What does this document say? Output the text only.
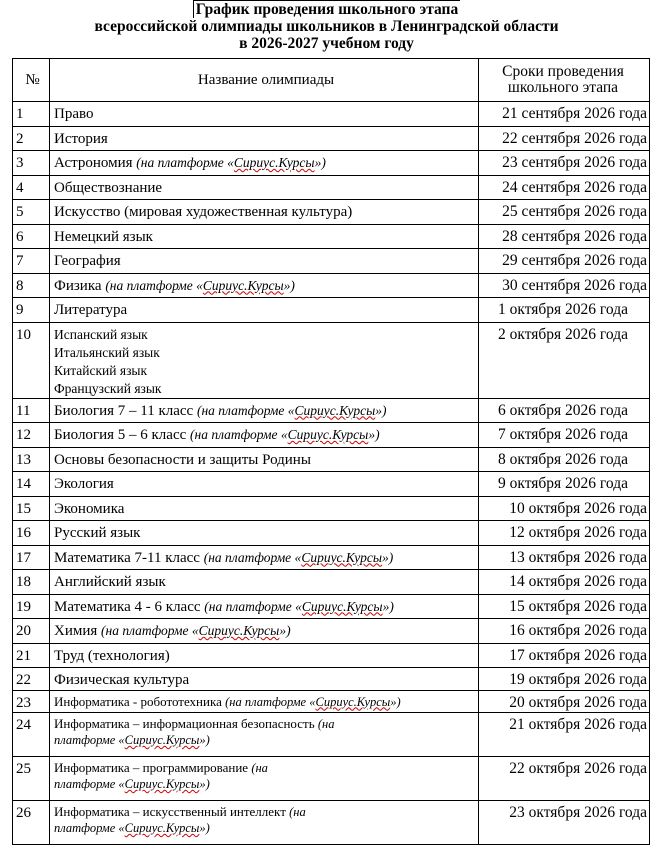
График проведения школьного этапа
всероссийской олимпиады школьников в Ленинградской области
в 2026-2027 учебном году
№	Название олимпиады	Сроки проведения
школьного этапа

1	Право	21 сентября 2026 года
2	История	22 сентября 2026 года
3	Астрономия (на платформе «Сириус.Курсы»)	23 сентября 2026 года
4	Обществознание	24 сентября 2026 года
5	Искусство (мировая художественная культура)	25 сентября 2026 года
6	Немецкий язык	28 сентября 2026 года
7	География	29 сентября 2026 года
8	Физика (на платформе «Сириус.Курсы»)	30 сентября 2026 года
9	Литература	1 октября 2026 года
10	Испанский язык
Итальянский язык
Китайский язык
Французский язык	2 октября 2026 года
11	Биология 7 – 11 класс (на платформе «Сириус.Курсы»)	6 октября 2026 года
12	Биология 5 – 6 класс (на платформе «Сириус.Курсы»)	7 октября 2026 года
13	Основы безопасности и защиты Родины	8 октября 2026 года
14	Экология	9 октября 2026 года
15	Экономика	10 октября 2026 года
16	Русский язык	12 октября 2026 года
17	Математика 7-11 класс (на платформе «Сириус.Курсы»)	13 октября 2026 года
18	Английский язык	14 октября 2026 года
19	Математика 4 - 6 класс (на платформе «Сириус.Курсы»)	15 октября 2026 года
20	Химия (на платформе «Сириус.Курсы»)	16 октября 2026 года
21	Труд (технология)	17 октября 2026 года
22	Физическая культура	19 октября 2026 года
23	Информатика - робототехника (на платформе «Сириус.Курсы»)	20 октября 2026 года
24	Информатика – информационная безопасность (на
платформе «Сириус.Курсы»)	21 октября 2026 года
25	Информатика – программирование (на
платформе «Сириус.Курсы»)	22 октября 2026 года
26	Информатика – искусственный интеллект (на
платформе «Сириус.Курсы»)	23 октября 2026 года
